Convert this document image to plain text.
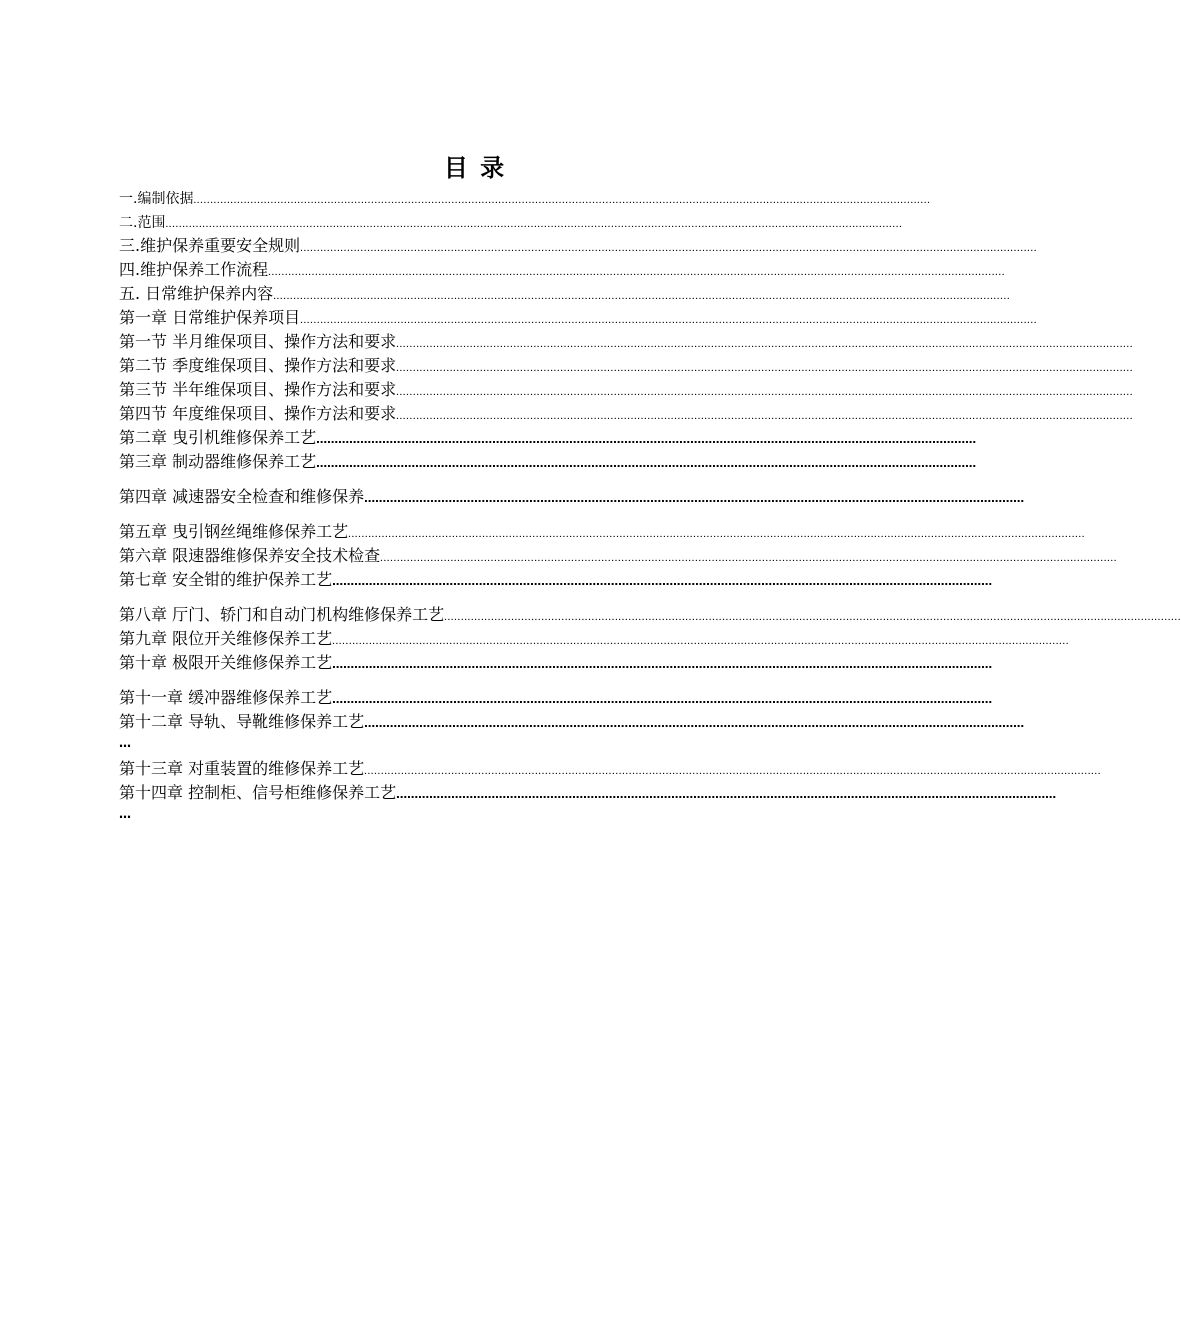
目 录
一.编制依据 ............................................................................................................................................................................................................................
二.范围 ............................................................................................................................................................................................................................
三.维护保养重要安全规则 ............................................................................................................................................................................................................................
四.维护保养工作流程 ............................................................................................................................................................................................................................
五. 日常维护保养内容 ............................................................................................................................................................................................................................
第一章 日常维护保养项目 ............................................................................................................................................................................................................................
第一节 半月维保项目、操作方法和要求 ............................................................................................................................................................................................................................
第二节 季度维保项目、操作方法和要求 ............................................................................................................................................................................................................................
第三节 半年维保项目、操作方法和要求 ............................................................................................................................................................................................................................
第四节 年度维保项目、操作方法和要求 ............................................................................................................................................................................................................................
第二章 曳引机维修保养工艺 ………………………………………………………………………………………………………………………………………………………………
第三章 制动器维修保养工艺 ………………………………………………………………………………………………………………………………………………………………
第四章 减速器安全检查和维修保养 ………………………………………………………………………………………………………………………………………………………………
第五章 曳引钢丝绳维修保养工艺 ............................................................................................................................................................................................................................
第六章 限速器维修保养安全技术检查 ............................................................................................................................................................................................................................
第七章 安全钳的维护保养工艺 ………………………………………………………………………………………………………………………………………………………………
第八章 厅门、轿门和自动门机构维修保养工艺 ............................................................................................................................................................................................................................
第九章 限位开关维修保养工艺 ............................................................................................................................................................................................................................
第十章 极限开关维修保养工艺 ………………………………………………………………………………………………………………………………………………………………
第十一章 缓冲器维修保养工艺 ………………………………………………………………………………………………………………………………………………………………
第十二章 导轨、导靴维修保养工艺 ………………………………………………………………………………………………………………………………………………………………
…
第十三章 对重装置的维修保养工艺 ............................................................................................................................................................................................................................
第十四章 控制柜、信号柜维修保养工艺 ………………………………………………………………………………………………………………………………………………………………
…
